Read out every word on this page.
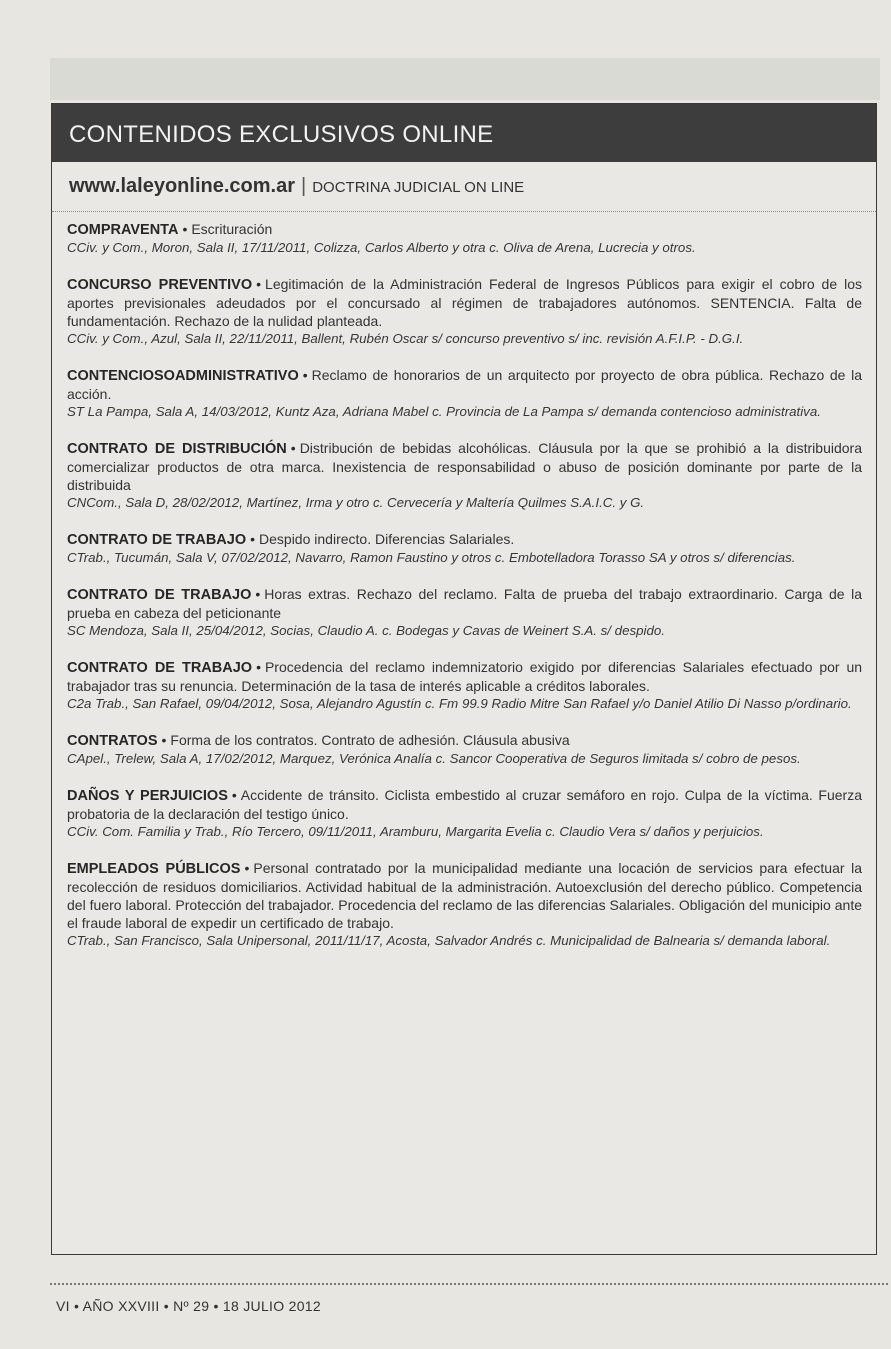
CONTENIDOS EXCLUSIVOS ONLINE
www.laleyonline.com.ar | DOCTRINA JUDICIAL ON LINE
COMPRAVENTA • Escrituración
CCiv. y Com., Moron, Sala II, 17/11/2011, Colizza, Carlos Alberto y otra c. Oliva de Arena, Lucrecia y otros.
CONCURSO PREVENTIVO • Legitimación de la Administración Federal de Ingresos Públicos para exigir el cobro de los aportes previsionales adeudados por el concursado al régimen de trabajadores autónomos. SENTENCIA. Falta de fundamentación. Rechazo de la nulidad planteada.
CCiv. y Com., Azul, Sala II, 22/11/2011, Ballent, Rubén Oscar s/ concurso preventivo s/ inc. revisión A.F.I.P. - D.G.I.
CONTENCIOSOADMINISTRATIVO • Reclamo de honorarios de un arquitecto por proyecto de obra pública. Rechazo de la acción.
ST La Pampa, Sala A, 14/03/2012, Kuntz Aza, Adriana Mabel c. Provincia de La Pampa s/ demanda contencioso administrativa.
CONTRATO DE DISTRIBUCIÓN • Distribución de bebidas alcohólicas. Cláusula por la que se prohibió a la distribuidora comercializar productos de otra marca. Inexistencia de responsabilidad o abuso de posición dominante por parte de la distribuida
CNCom., Sala D, 28/02/2012, Martínez, Irma y otro c. Cervecería y Maltería Quilmes S.A.I.C. y G.
CONTRATO DE TRABAJO • Despido indirecto. Diferencias Salariales.
CTrab., Tucumán, Sala V, 07/02/2012, Navarro, Ramon Faustino y otros c. Embotelladora Torasso SA y otros s/ diferencias.
CONTRATO DE TRABAJO • Horas extras. Rechazo del reclamo. Falta de prueba del trabajo extraordinario. Carga de la prueba en cabeza del peticionante
SC Mendoza, Sala II, 25/04/2012, Socias, Claudio A. c. Bodegas y Cavas de Weinert S.A. s/ despido.
CONTRATO DE TRABAJO • Procedencia del reclamo indemnizatorio exigido por diferencias Salariales efectuado por un trabajador tras su renuncia. Determinación de la tasa de interés aplicable a créditos laborales.
C2a Trab., San Rafael, 09/04/2012, Sosa, Alejandro Agustín c. Fm 99.9 Radio Mitre San Rafael y/o Daniel Atilio Di Nasso p/ordinario.
CONTRATOS • Forma de los contratos. Contrato de adhesión. Cláusula abusiva
CApel., Trelew, Sala A, 17/02/2012, Marquez, Verónica Analía c. Sancor Cooperativa de Seguros limitada s/ cobro de pesos.
DAÑOS Y PERJUICIOS • Accidente de tránsito. Ciclista embestido al cruzar semáforo en rojo. Culpa de la víctima. Fuerza probatoria de la declaración del testigo único.
CCiv. Com. Familia y Trab., Río Tercero, 09/11/2011, Aramburu, Margarita Evelia c. Claudio Vera s/ daños y perjuicios.
EMPLEADOS PÚBLICOS • Personal contratado por la municipalidad mediante una locación de servicios para efectuar la recolección de residuos domiciliarios. Actividad habitual de la administración. Autoexclusión del derecho público. Competencia del fuero laboral. Protección del trabajador. Procedencia del reclamo de las diferencias Salariales. Obligación del municipio ante el fraude laboral de expedir un certificado de trabajo.
CTrab., San Francisco, Sala Unipersonal, 2011/11/17, Acosta, Salvador Andrés c. Municipalidad de Balnearia s/ demanda laboral.
VI • AÑO XXVIII • Nº 29 • 18 JULIO 2012
